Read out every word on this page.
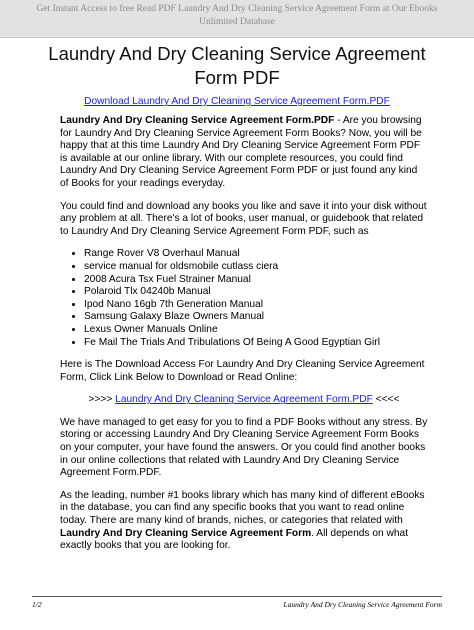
Get Instant Access to free Read PDF Laundry And Dry Cleaning Service Agreement Form at Our Ebooks Unlimited Database
Laundry And Dry Cleaning Service Agreement Form PDF
Download Laundry And Dry Cleaning Service Agreement Form.PDF

Laundry And Dry Cleaning Service Agreement Form.PDF - Are you browsing for Laundry And Dry Cleaning Service Agreement Form Books? Now, you will be happy that at this time Laundry And Dry Cleaning Service Agreement Form PDF is available at our online library. With our complete resources, you could find Laundry And Dry Cleaning Service Agreement Form PDF or just found any kind of Books for your readings everyday.

You could find and download any books you like and save it into your disk without any problem at all. There's a lot of books, user manual, or guidebook that related to Laundry And Dry Cleaning Service Agreement Form PDF, such as

• Range Rover V8 Overhaul Manual
• service manual for oldsmobile cutlass ciera
• 2008 Acura Tsx Fuel Strainer Manual
• Polaroid Tlx 04240b Manual
• Ipod Nano 16gb 7th Generation Manual
• Samsung Galaxy Blaze Owners Manual
• Lexus Owner Manuals Online
• Fe Mail The Trials And Tribulations Of Being A Good Egyptian Girl

Here is The Download Access For Laundry And Dry Cleaning Service Agreement Form, Click Link Below to Download or Read Online:

>>>> Laundry And Dry Cleaning Service Agreement Form.PDF <<<<

We have managed to get easy for you to find a PDF Books without any stress. By storing or accessing Laundry And Dry Cleaning Service Agreement Form Books on your computer, your have found the answers. Or you could find another books in our online collections that related with Laundry And Dry Cleaning Service Agreement Form.PDF.

As the leading, number #1 books library which has many kind of different eBooks in the database, you can find any specific books that you want to read online today. There are many kind of brands, niches, or categories that related with Laundry And Dry Cleaning Service Agreement Form. All depends on what exactly books that you are looking for.

1/2	Laundry And Dry Cleaning Service Agreement Form
